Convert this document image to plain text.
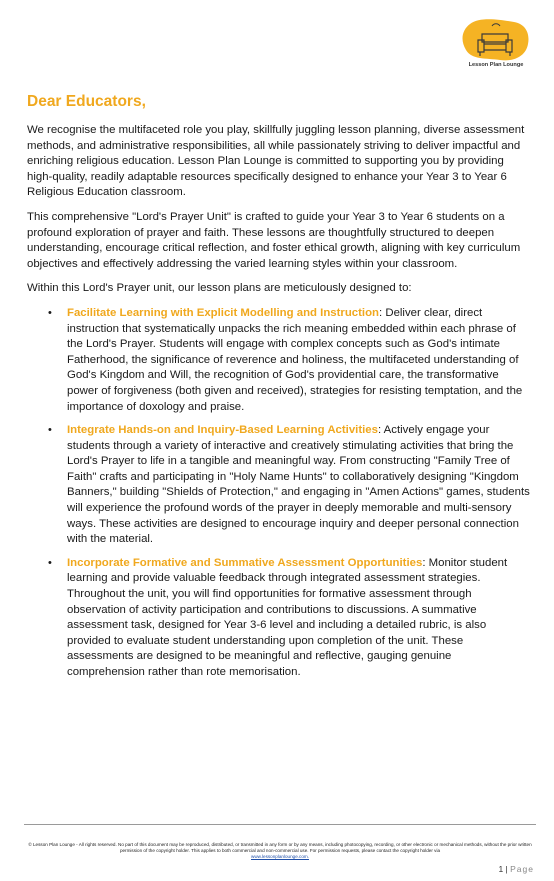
Lesson Plan Lounge
Dear Educators,

We recognise the multifaceted role you play, skillfully juggling lesson planning, diverse assessment methods, and administrative responsibilities, all while passionately striving to deliver impactful and enriching religious education. Lesson Plan Lounge is committed to supporting you by providing high-quality, readily adaptable resources specifically designed to enhance your Year 3 to Year 6 Religious Education classroom.

This comprehensive "Lord's Prayer Unit" is crafted to guide your Year 3 to Year 6 students on a profound exploration of prayer and faith. These lessons are thoughtfully structured to deepen understanding, encourage critical reflection, and foster ethical growth, aligning with key curriculum objectives and effectively addressing the varied learning styles within your classroom.

Within this Lord's Prayer unit, our lesson plans are meticulously designed to:

• Facilitate Learning with Explicit Modelling and Instruction: Deliver clear, direct instruction that systematically unpacks the rich meaning embedded within each phrase of the Lord's Prayer. Students will engage with complex concepts such as God's intimate Fatherhood, the significance of reverence and holiness, the multifaceted understanding of God's Kingdom and Will, the recognition of God's providential care, the transformative power of forgiveness (both given and received), strategies for resisting temptation, and the importance of doxology and praise.
• Integrate Hands-on and Inquiry-Based Learning Activities: Actively engage your students through a variety of interactive and creatively stimulating activities that bring the Lord's Prayer to life in a tangible and meaningful way. From constructing "Family Tree of Faith" crafts and participating in "Holy Name Hunts" to collaboratively designing "Kingdom Banners," building "Shields of Protection," and engaging in "Amen Actions" games, students will experience the profound words of the prayer in deeply memorable and multi-sensory ways. These activities are designed to encourage inquiry and deeper personal connection with the material.
• Incorporate Formative and Summative Assessment Opportunities: Monitor student learning and provide valuable feedback through integrated assessment strategies. Throughout the unit, you will find opportunities for formative assessment through observation of activity participation and contributions to discussions. A summative assessment task, designed for Year 3-6 level and including a detailed rubric, is also provided to evaluate student understanding upon completion of the unit. These assessments are designed to be meaningful and reflective, gauging genuine comprehension rather than rote memorisation.
© Lesson Plan Lounge - All rights reserved. No part of this document may be reproduced, distributed, or transmitted in any form or by any means, including photocopying, recording, or other electronic or mechanical methods, without the prior written permission of the copyright holder. This applies to both commercial and non-commercial use. For permission requests, please contact the copyright holder via
www.lessonplanlounge.com.
1 | Page
